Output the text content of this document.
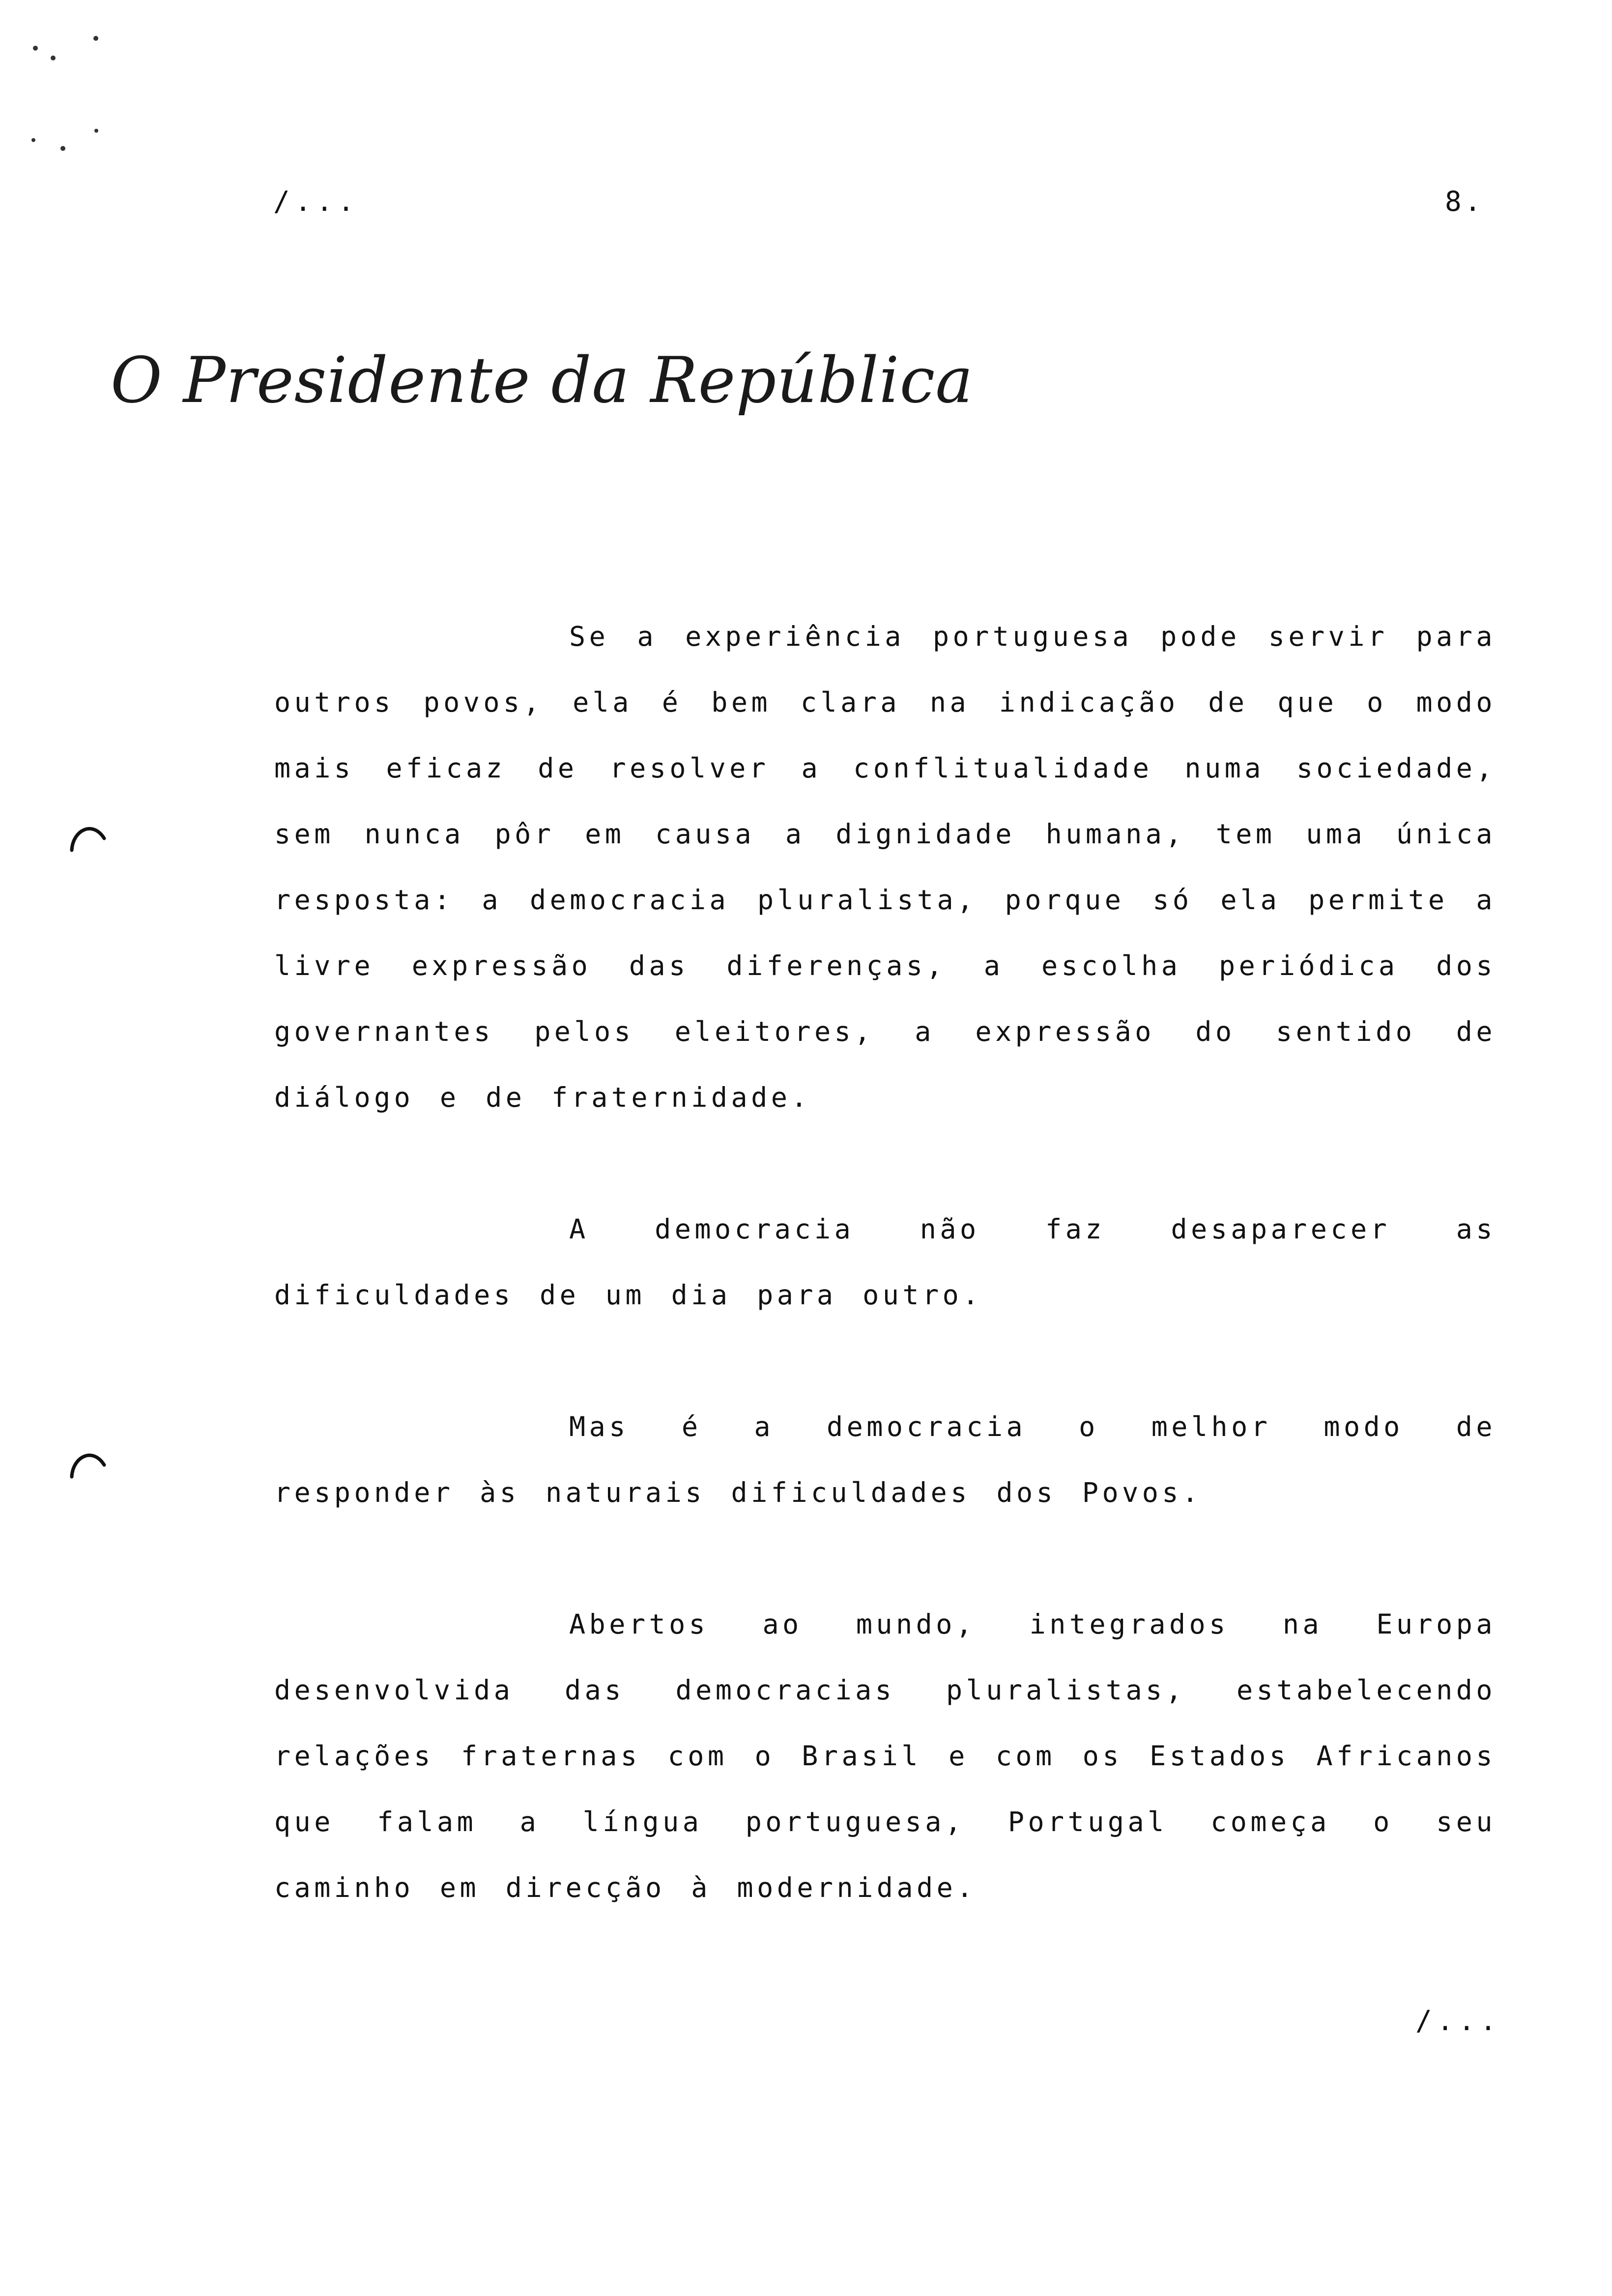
/...	8.
O Presidente da República

Se a experiência portuguesa pode servir para outros povos, ela é bem clara na indicação de que o modo mais eficaz de resolver a conflitualidade numa sociedade, sem nunca pôr em causa a dignidade humana, tem uma única resposta: a democracia pluralista, porque só ela permite a livre expressão das diferenças, a escolha periódica dos governantes pelos eleitores, a expressão do sentido de diálogo e de fraternidade.

A democracia não faz desaparecer as dificuldades de um dia para outro.

Mas é a democracia o melhor modo de responder às naturais dificuldades dos Povos.

Abertos ao mundo, integrados na Europa desenvolvida das democracias pluralistas, estabelecendo relações fraternas com o Brasil e com os Estados Africanos que falam a língua portuguesa, Portugal começa o seu caminho em direcção à modernidade.

/...
